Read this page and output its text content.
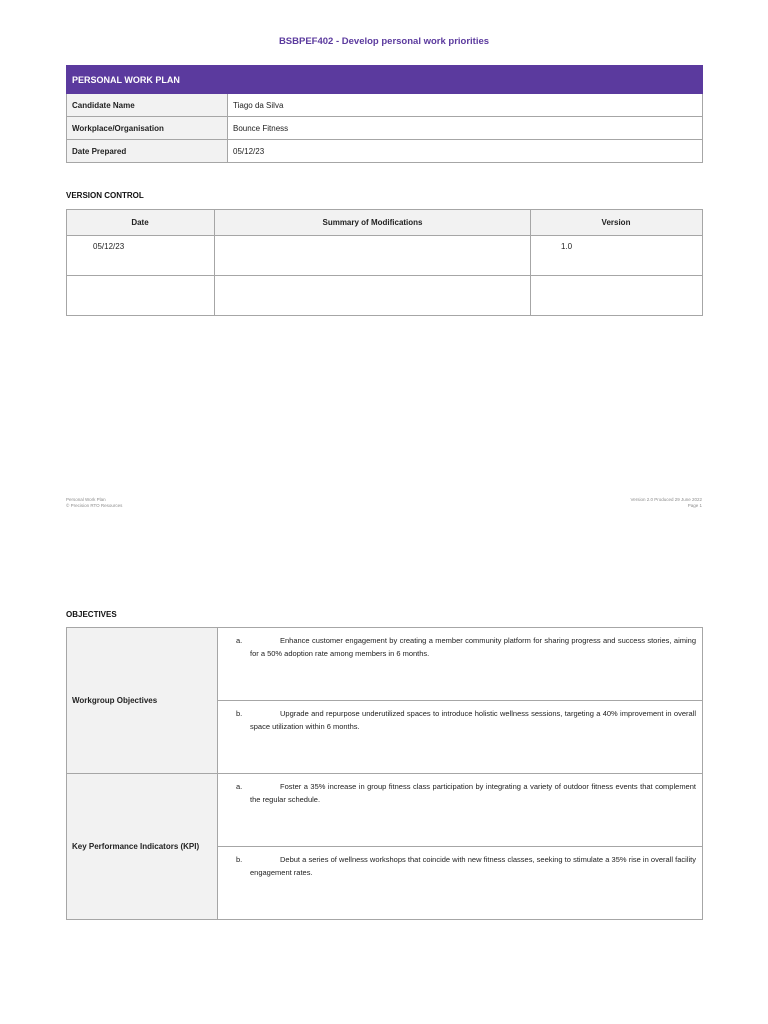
BSBPEF402 - Develop personal work priorities
PERSONAL WORK PLAN	
Candidate Name	Tiago da Silva
Workplace/Organisation	Bounce Fitness
Date Prepared	05/12/23
VERSION CONTROL
Date	Summary of Modifications	Version
05/12/23		1.0

Personal Work Plan
© Precision RTO Resources
Version 2.0 Produced 29 June 2022
Page 1
OBJECTIVES
Workgroup Objectives	a. Enhance customer engagement by creating a member community platform for sharing progress and success stories, aiming for a 50% adoption rate among members in 6 months.

	b. Upgrade and repurpose underutilized spaces to introduce holistic wellness sessions, targeting a 40% improvement in overall space utilization within 6 months.

Key Performance Indicators (KPI)	a. Foster a 35% increase in group fitness class participation by integrating a variety of outdoor fitness events that complement the regular schedule.

	b. Debut a series of wellness workshops that coincide with new fitness classes, seeking to stimulate a 35% rise in overall facility engagement rates.
